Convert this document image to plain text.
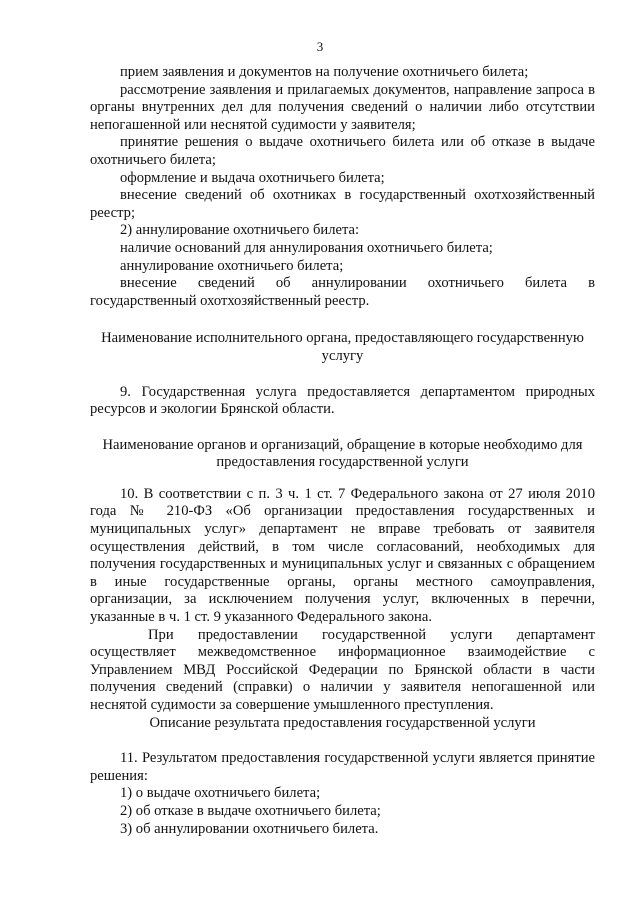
3

прием заявления и документов на получение охотничьего билета;

рассмотрение заявления и прилагаемых документов, направление запроса в органы внутренних дел для получения сведений о наличии либо отсутствии непогашенной или неснятой судимости у заявителя;

принятие решения о выдаче охотничьего билета или об отказе в выдаче охотничьего билета;

оформление и выдача охотничьего билета;

внесение сведений об охотниках в государственный охотхозяйственный реестр;

2) аннулирование охотничьего билета:

наличие оснований для аннулирования охотничьего билета;

аннулирование охотничьего билета;

внесение сведений об аннулировании охотничьего билета в государственный охотхозяйственный реестр.

Наименование исполнительного органа, предоставляющего государственную услугу

9. Государственная услуга предоставляется департаментом природных ресурсов и экологии Брянской области.

Наименование органов и организаций, обращение в которые необходимо для предоставления государственной услуги

10. В соответствии с п. 3 ч. 1 ст. 7 Федерального закона от 27 июля 2010 года № 210-ФЗ «Об организации предоставления государственных и муниципальных услуг» департамент не вправе требовать от заявителя осуществления действий, в том числе согласований, необходимых для получения государственных и муниципальных услуг и связанных с обращением в иные государственные органы, органы местного самоуправления, организации, за исключением получения услуг, включенных в перечни, указанные в ч. 1 ст. 9 указанного Федерального закона.

При предоставлении государственной услуги департамент осуществляет межведомственное информационное взаимодействие с Управлением МВД Российской Федерации по Брянской области в части получения сведений (справки) о наличии у заявителя непогашенной или неснятой судимости за совершение умышленного преступления.

Описание результата предоставления государственной услуги

11. Результатом предоставления государственной услуги является принятие решения:

1) о выдаче охотничьего билета;

2) об отказе в выдаче охотничьего билета;

3) об аннулировании охотничьего билета.
